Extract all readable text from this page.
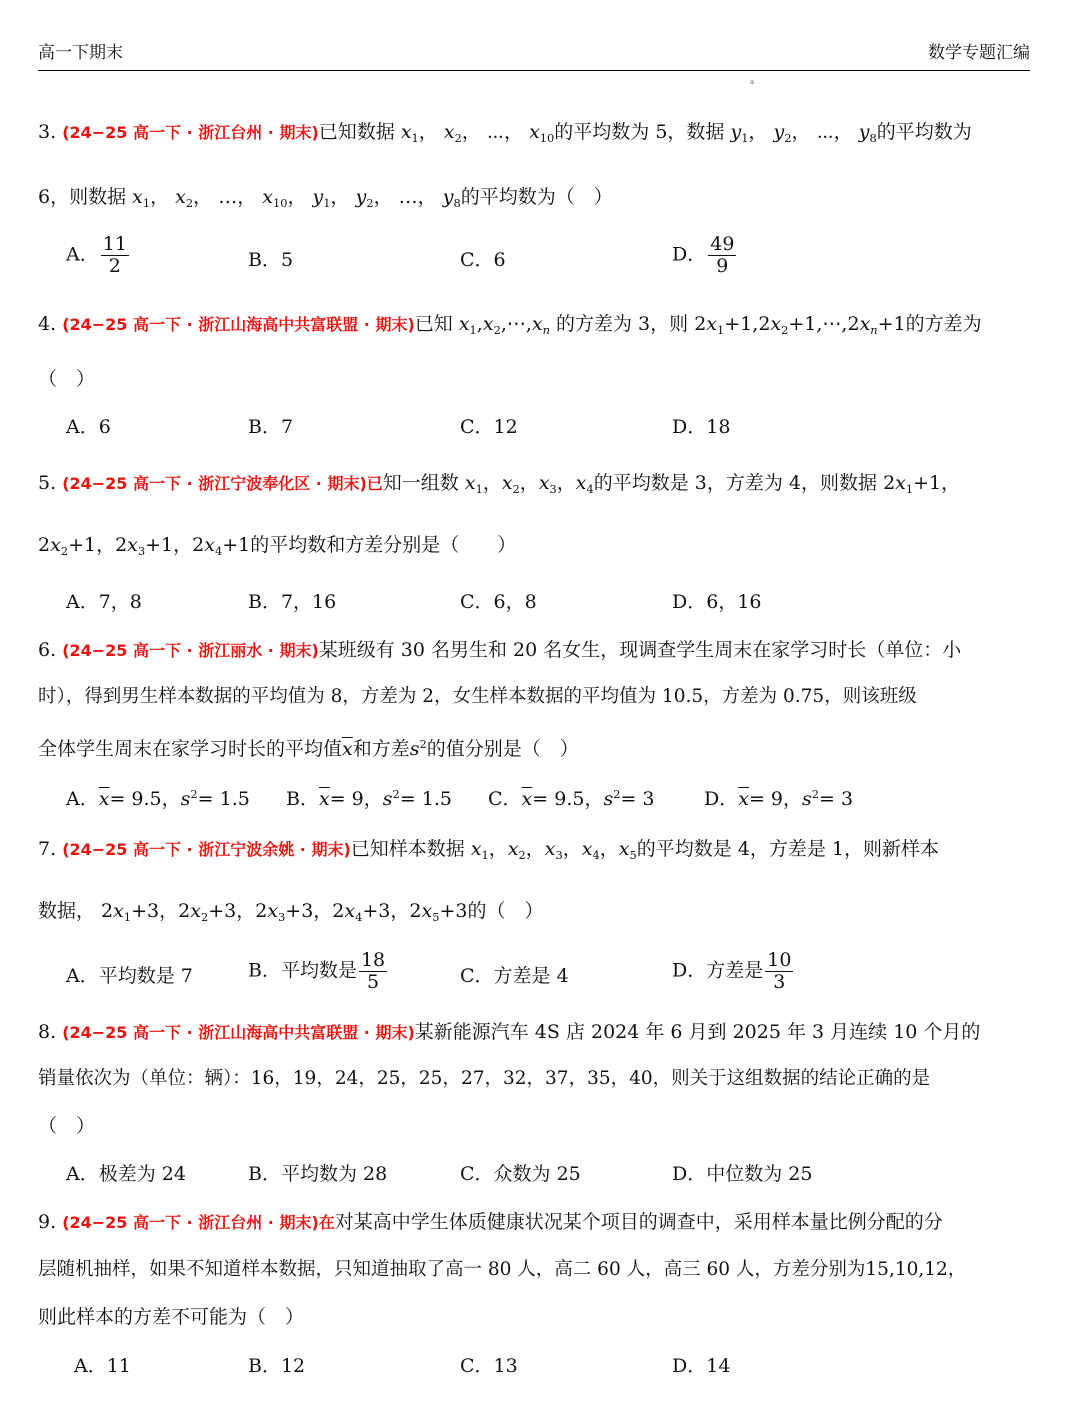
高一下期末	数学专题汇编
a
3. (24−25 高一下 · 浙江台州 · 期末)已知数据 $x_1$， $x_2$， ⋯， $x_{10}$的平均数为 5，数据 $y_1$， $y_2$， ⋯， $y_8$的平均数为
6，则数据 $x_1$， $x_2$， …， $x_{10}$， $y_1$， $y_2$， …， $y_8$的平均数为（　）
A． $\frac{11}{2}$	B．5	C．6	D． $\frac{49}{9}$
4. (24−25 高一下 · 浙江山海高中共富联盟 · 期末)已知 $x_1,x_2,\cdots,x_n$ 的方差为 3，则 $2x_1+1,2x_2+1,\cdots,2x_n+1$的方差为
（　）
A．6	B．7	C．12	D．18
5. (24−25 高一下 · 浙江宁波奉化区 · 期末)已知一组数 $x_1$，$x_2$，$x_3$，$x_4$的平均数是 3，方差为 4，则数据 $2x_1+1$，
$2x_2+1$，$2x_3+1$，$2x_4+1$的平均数和方差分别是（　　）
A．7，8	B．7，16	C．6，8	D．6，16
6. (24−25 高一下 · 浙江丽水 · 期末)某班级有 30 名男生和 20 名女生，现调查学生周末在家学习时长（单位：小
时），得到男生样本数据的平均值为 8，方差为 2，女生样本数据的平均值为 10.5，方差为 0.75，则该班级
全体学生周末在家学习时长的平均值$\overline{x}$和方差$s^2$的值分别是（　）
A．$\overline{x}= 9.5$，$s^2= 1.5$ B．$\overline{x}= 9$，$s^2= 1.5$ C．$\overline{x}= 9.5$，$s^2= 3$	D．$\overline{x}= 9$，$s^2= 3$
7. (24−25 高一下 · 浙江宁波余姚 · 期末)已知样本数据 $x_1$，$x_2$，$x_3$，$x_4$，$x_5$的平均数是 4，方差是 1，则新样本
数据， $2x_1+3$，$2x_2+3$，$2x_3+3$，$2x_4+3$，$2x_5+3$的（　）
A．平均数是 7	B．平均数是 $\frac{18}{5}$	C．方差是 4	D．方差是 $\frac{10}{3}$
8. (24−25 高一下 · 浙江山海高中共富联盟 · 期末)某新能源汽车 4S 店 2024 年 6 月到 2025 年 3 月连续 10 个月的
销量依次为（单位：辆）：16，19，24，25，25，27，32，37，35，40，则关于这组数据的结论正确的是
（　）
A．极差为 24	B．平均数为 28	C．众数为 25	D．中位数为 25
9. (24−25 高一下 · 浙江台州 · 期末)在对某高中学生体质健康状况某个项目的调查中，采用样本量比例分配的分
层随机抽样，如果不知道样本数据，只知道抽取了高一 80 人，高二 60 人，高三 60 人，方差分别为15,10,12，
则此样本的方差不可能为（　）
A．11	B．12	C．13	D．14
